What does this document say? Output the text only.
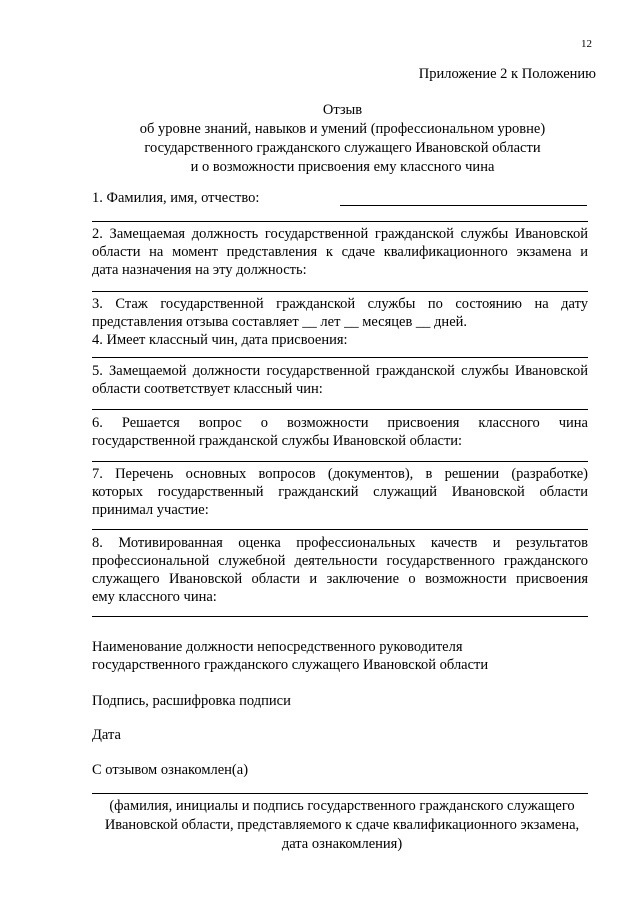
12
Приложение 2 к Положению
Отзыв
об уровне знаний, навыков и умений (профессиональном уровне)
государственного гражданского служащего Ивановской области
и о возможности присвоения ему классного чина
1. Фамилия, имя, отчество:
2. Замещаемая должность государственной гражданской службы Ивановской
области на момент представления к сдаче квалификационного экзамена и
дата назначения на эту должность:
3. Стаж государственной гражданской службы по состоянию на дату
представления отзыва составляет __ лет __ месяцев __ дней.
4. Имеет классный чин, дата присвоения:
5. Замещаемой должности государственной гражданской службы Ивановской
области соответствует классный чин:
6. Решается вопрос о возможности присвоения классного чина
государственной гражданской службы Ивановской области:
7. Перечень основных вопросов (документов), в решении (разработке)
которых государственный гражданский служащий Ивановской области
принимал участие:
8. Мотивированная оценка профессиональных качеств и результатов
профессиональной служебной деятельности государственного гражданского
служащего Ивановской области и заключение о возможности присвоения
ему классного чина:
Наименование должности непосредственного руководителя
государственного гражданского служащего Ивановской области
Подпись, расшифровка подписи
Дата
С отзывом ознакомлен(а)
(фамилия, инициалы и подпись государственного гражданского служащего
Ивановской области, представляемого к сдаче квалификационного экзамена,
дата ознакомления)
